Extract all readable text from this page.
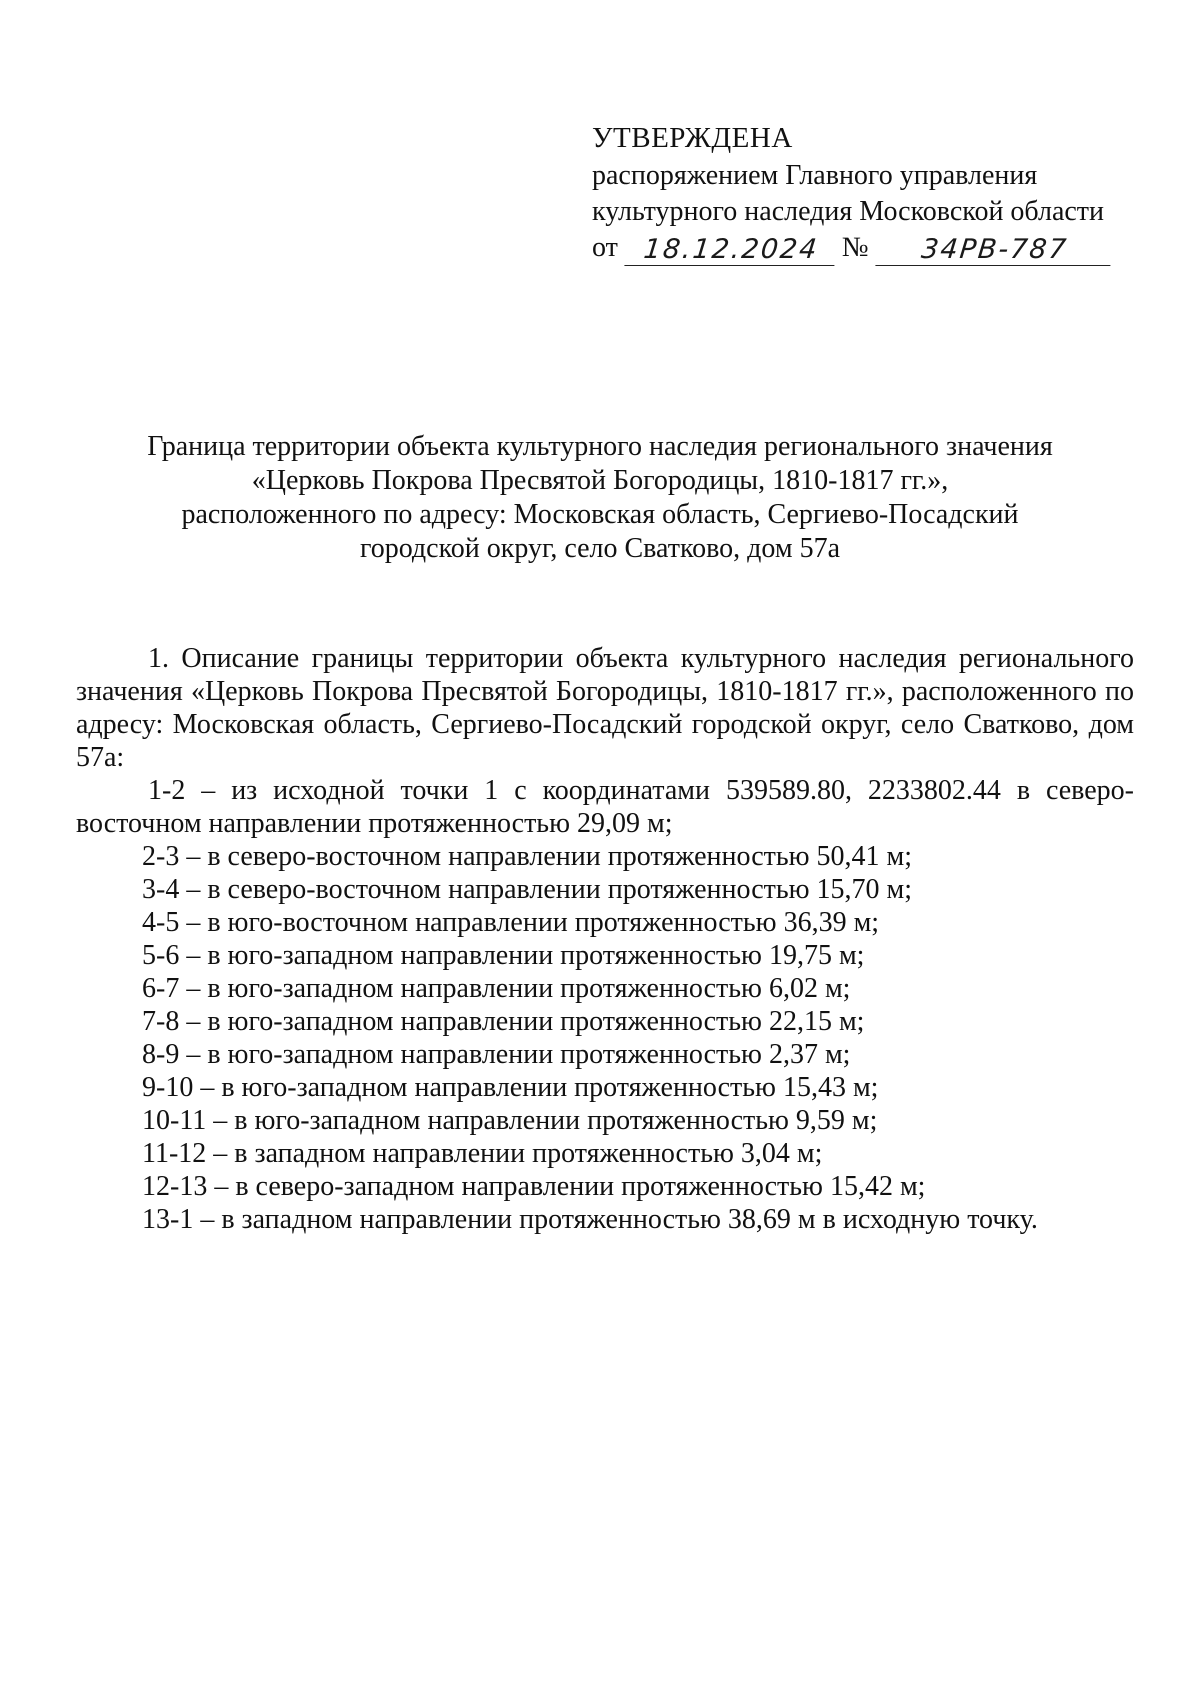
УТВЕРЖДЕНА
распоряжением Главного управления
культурного наследия Московской области
от 18.12.2024 №	34РВ-787
Граница территории объекта культурного наследия регионального значения
«Церковь Покрова Пресвятой Богородицы, 1810-1817 гг.»,
расположенного по адресу: Московская область, Сергиево-Посадский
городской округ, село Сватково, дом 57а

1. Описание границы территории объекта культурного наследия регионального значения «Церковь Покрова Пресвятой Богородицы, 1810-1817 гг.», расположенного по адресу: Московская область, Сергиево-Посадский городской округ, село Сватково, дом 57а:

1-2 – из исходной точки 1 с координатами 539589.80, 2233802.44 в северо-восточном направлении протяженностью 29,09 м;

2-3 – в северо-восточном направлении протяженностью 50,41 м;
3-4 – в северо-восточном направлении протяженностью 15,70 м;
4-5 – в юго-восточном направлении протяженностью 36,39 м;
5-6 – в юго-западном направлении протяженностью 19,75 м;
6-7 – в юго-западном направлении протяженностью 6,02 м;
7-8 – в юго-западном направлении протяженностью 22,15 м;
8-9 – в юго-западном направлении протяженностью 2,37 м;
9-10 – в юго-западном направлении протяженностью 15,43 м;
10-11 – в юго-западном направлении протяженностью 9,59 м;
11-12 – в западном направлении протяженностью 3,04 м;
12-13 – в северо-западном направлении протяженностью 15,42 м;
13-1 – в западном направлении протяженностью 38,69 м в исходную точку.
